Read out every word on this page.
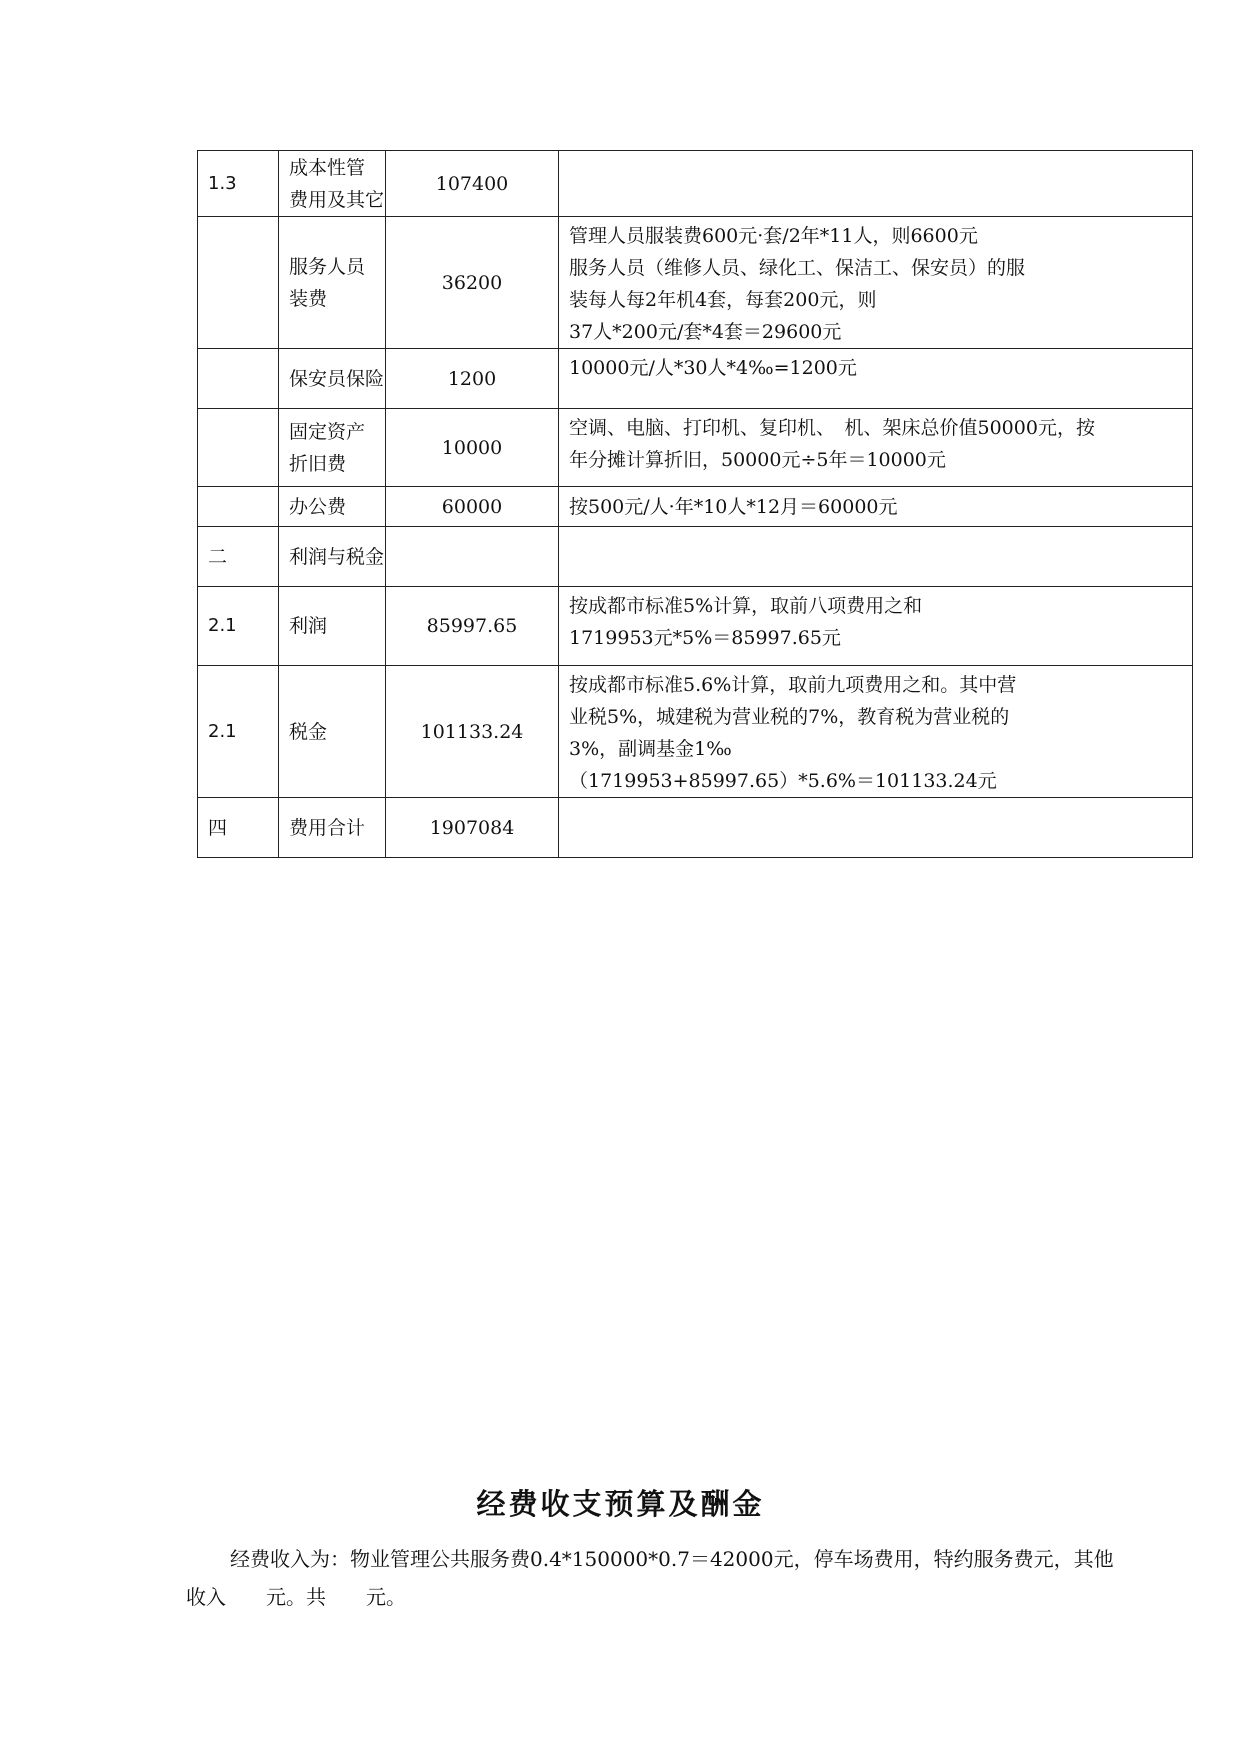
1.3	成本性管
费用及其它	107400	

	服务人员
装费	36200	管理人员服装费600元·套/2年*11人，则6600元
服务人员（维修人员、绿化工、保洁工、保安员）的服
装每人每2年机4套，每套200元，则
37人*200元/套*4套＝29600元

	保安员保险	1200	10000元/人*30人*4‰=1200元

	固定资产
折旧费	10000	空调、电脑、打印机、复印机、　机、架床总价值50000元，按
年分摊计算折旧，50000元÷5年＝10000元

	办公费	60000	按500元/人·年*10人*12月＝60000元

二	利润与税金		

2.1	利润	85997.65	按成都市标准5%计算，取前八项费用之和
1719953元*5%＝85997.65元

2.1	税金	101133.24	按成都市标准5.6%计算，取前九项费用之和。其中营
业税5%，城建税为营业税的7%，教育税为营业税的
3%，副调基金1‰
（1719953+85997.65）*5.6%＝101133.24元

四	费用合计	1907084	
经费收支预算及酬金
经费收入为：物业管理公共服务费0.4*150000*0.7＝42000元，停车场费用，特约服务费元，其他收入　　元。共　　元。
